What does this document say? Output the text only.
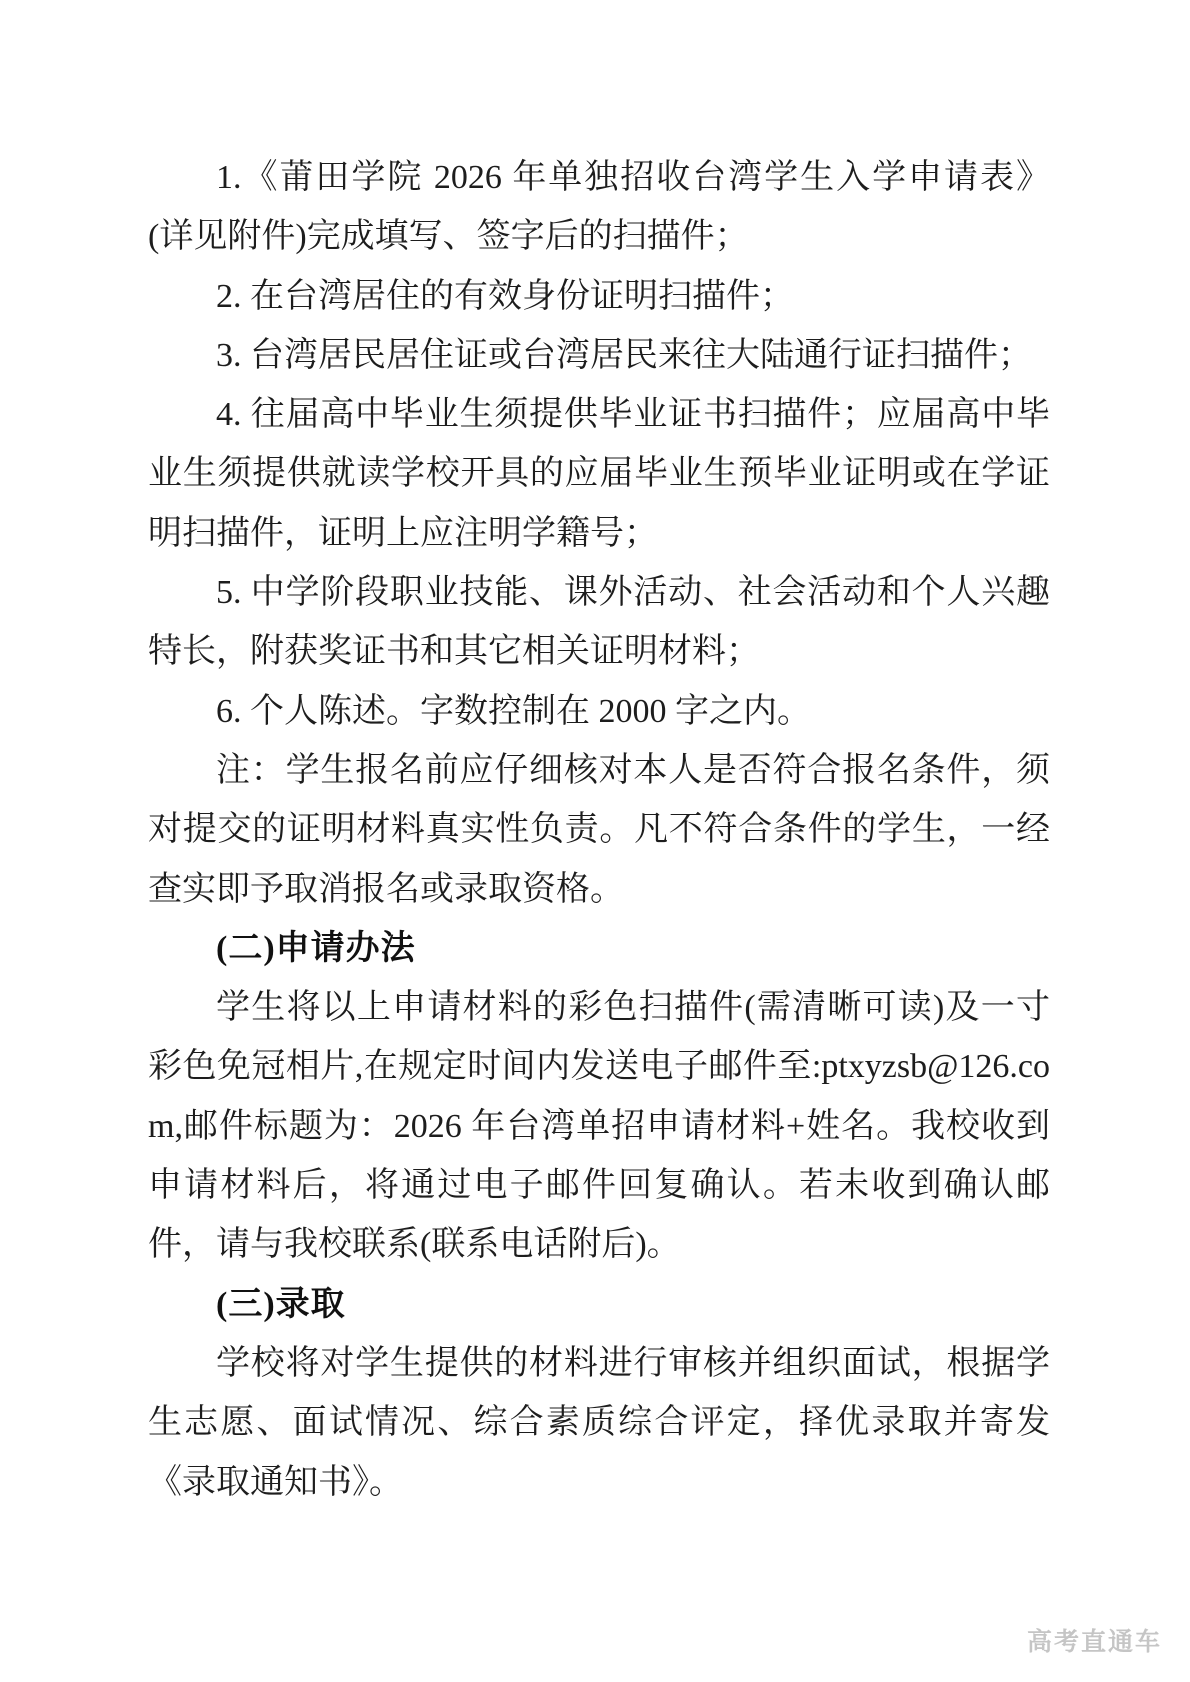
1.《莆田学院 2026 年单独招收台湾学生入学申请表》(详见附件)完成填写、签字后的扫描件；

2. 在台湾居住的有效身份证明扫描件；

3. 台湾居民居住证或台湾居民来往大陆通行证扫描件；

4. 往届高中毕业生须提供毕业证书扫描件；应届高中毕业生须提供就读学校开具的应届毕业生预毕业证明或在学证明扫描件，证明上应注明学籍号；

5. 中学阶段职业技能、课外活动、社会活动和个人兴趣特长，附获奖证书和其它相关证明材料；

6. 个人陈述。字数控制在 2000 字之内。

注：学生报名前应仔细核对本人是否符合报名条件，须对提交的证明材料真实性负责。凡不符合条件的学生，一经查实即予取消报名或录取资格。

(二)申请办法

学生将以上申请材料的彩色扫描件(需清晰可读)及一寸彩色免冠相片,在规定时间内发送电子邮件至:ptxyzsb@126.com,邮件标题为：2026 年台湾单招申请材料+姓名。我校收到申请材料后，将通过电子邮件回复确认。若未收到确认邮件，请与我校联系(联系电话附后)。

(三)录取

学校将对学生提供的材料进行审核并组织面试，根据学生志愿、面试情况、综合素质综合评定，择优录取并寄发《录取通知书》。

高考直通车
